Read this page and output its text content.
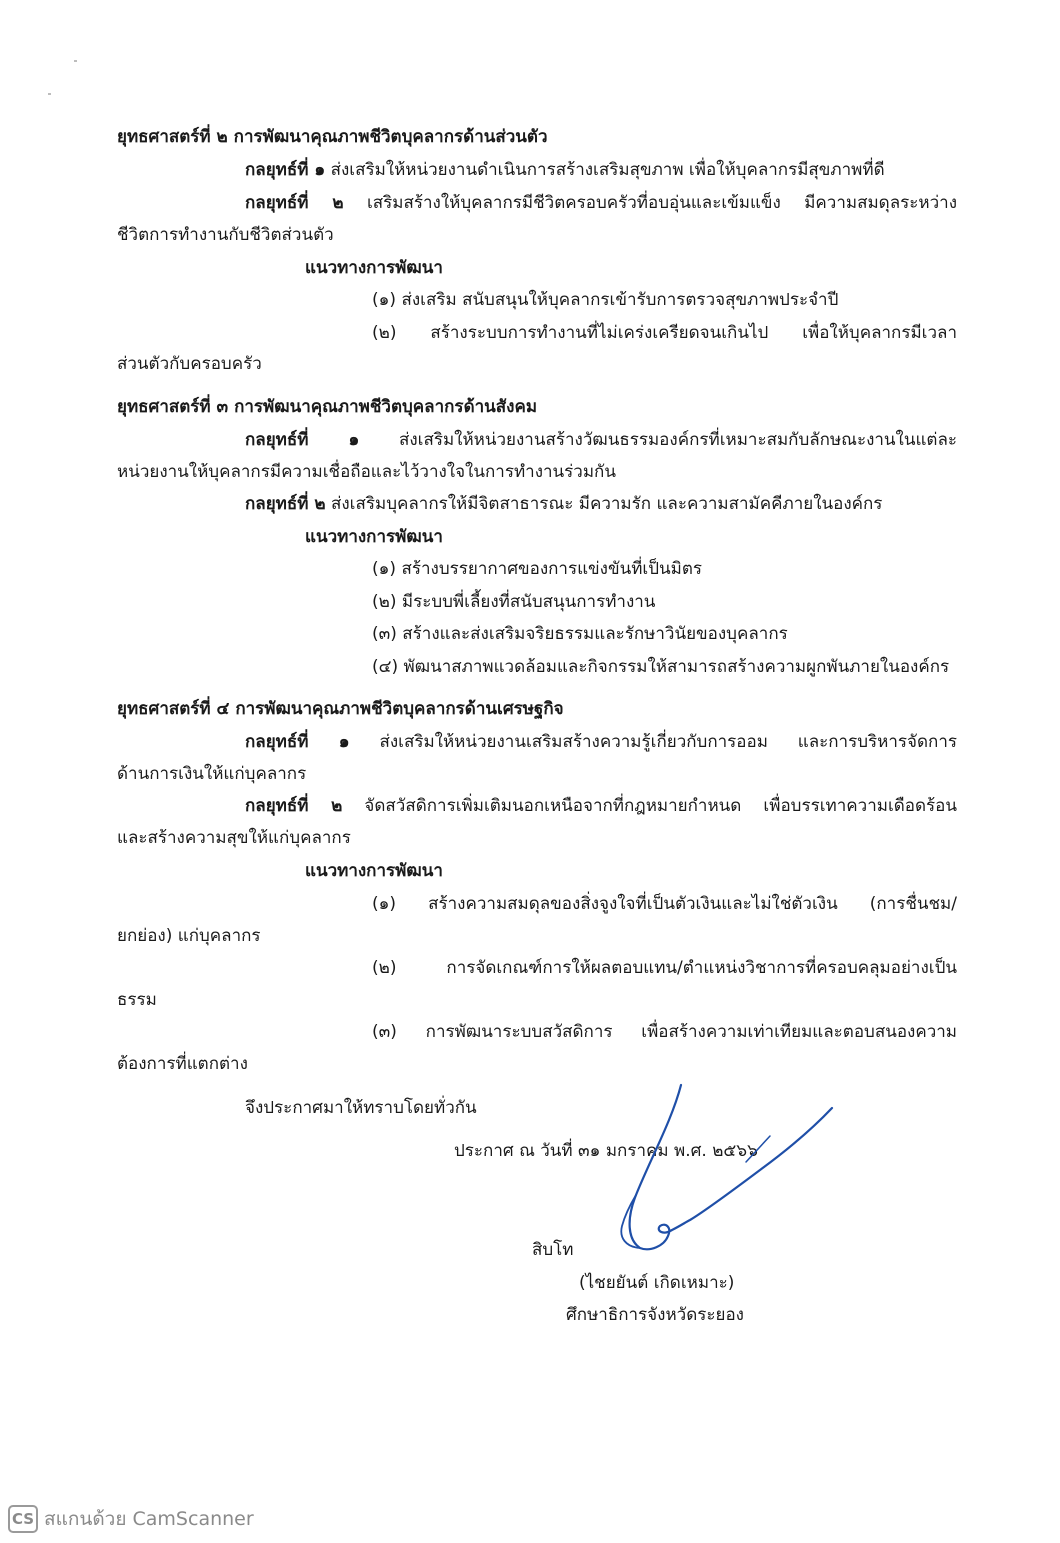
ยุทธศาสตร์ที่ ๒ การพัฒนาคุณภาพชีวิตบุคลากรด้านส่วนตัว
กลยุทธ์ที่ ๑ ส่งเสริมให้หน่วยงานดำเนินการสร้างเสริมสุขภาพ เพื่อให้บุคลากรมีสุขภาพที่ดี
กลยุทธ์ที่ ๒ เสริมสร้างให้บุคลากรมีชีวิตครอบครัวที่อบอุ่นและเข้มแข็ง มีความสมดุลระหว่าง
ชีวิตการทำงานกับชีวิตส่วนตัว
แนวทางการพัฒนา
(๑) ส่งเสริม สนับสนุนให้บุคลากรเข้ารับการตรวจสุขภาพประจำปี
(๒) สร้างระบบการทำงานที่ไม่เคร่งเครียดจนเกินไป เพื่อให้บุคลากรมีเวลา
ส่วนตัวกับครอบครัว
ยุทธศาสตร์ที่ ๓ การพัฒนาคุณภาพชีวิตบุคลากรด้านสังคม
กลยุทธ์ที่ ๑ ส่งเสริมให้หน่วยงานสร้างวัฒนธรรมองค์กรที่เหมาะสมกับลักษณะงานในแต่ละ
หน่วยงานให้บุคลากรมีความเชื่อถือและไว้วางใจในการทำงานร่วมกัน
กลยุทธ์ที่ ๒ ส่งเสริมบุคลากรให้มีจิตสาธารณะ มีความรัก และความสามัคคีภายในองค์กร
แนวทางการพัฒนา
(๑) สร้างบรรยากาศของการแข่งขันที่เป็นมิตร
(๒) มีระบบพี่เลี้ยงที่สนับสนุนการทำงาน
(๓) สร้างและส่งเสริมจริยธรรมและรักษาวินัยของบุคลากร
(๔) พัฒนาสภาพแวดล้อมและกิจกรรมให้สามารถสร้างความผูกพันภายในองค์กร
ยุทธศาสตร์ที่ ๔ การพัฒนาคุณภาพชีวิตบุคลากรด้านเศรษฐกิจ
กลยุทธ์ที่ ๑ ส่งเสริมให้หน่วยงานเสริมสร้างความรู้เกี่ยวกับการออม และการบริหารจัดการ
ด้านการเงินให้แก่บุคลากร
กลยุทธ์ที่ ๒ จัดสวัสดิการเพิ่มเติมนอกเหนือจากที่กฎหมายกำหนด เพื่อบรรเทาความเดือดร้อน
และสร้างความสุขให้แก่บุคลากร
แนวทางการพัฒนา
(๑) สร้างความสมดุลของสิ่งจูงใจที่เป็นตัวเงินและไม่ใช่ตัวเงิน (การชื่นชม/
ยกย่อง) แก่บุคลากร
(๒) การจัดเกณฑ์การให้ผลตอบแทน/ตำแหน่งวิชาการที่ครอบคลุมอย่างเป็น
ธรรม
(๓) การพัฒนาระบบสวัสดิการ เพื่อสร้างความเท่าเทียมและตอบสนองความ
ต้องการที่แตกต่าง
จึงประกาศมาให้ทราบโดยทั่วกัน
ประกาศ ณ วันที่ ๓๑ มกราคม พ.ศ. ๒๕๖๖
สิบโท
(ไชยยันต์ เกิดเหมาะ)
ศึกษาธิการจังหวัดระยอง
CS สแกนด้วย CamScanner
